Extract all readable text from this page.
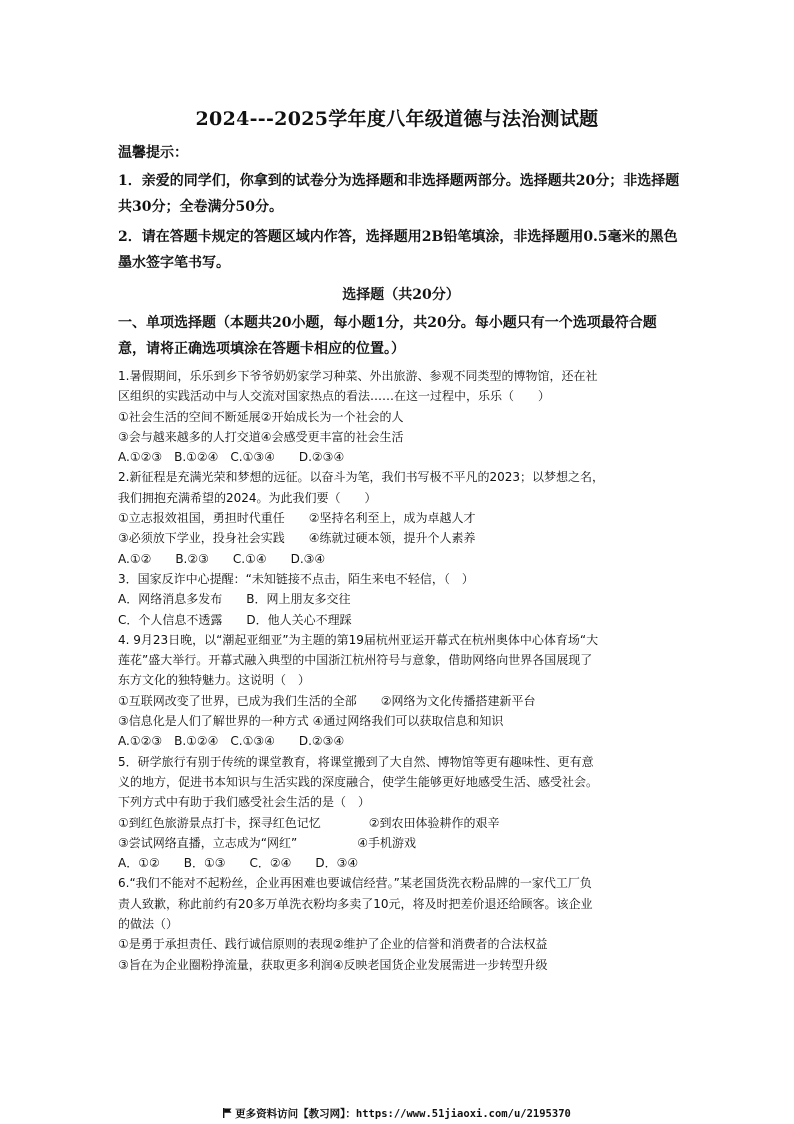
2024---2025学年度八年级道德与法治测试题

温馨提示：

1．亲爱的同学们，你拿到的试卷分为选择题和非选择题两部分。选择题共20分；非选择题共30分；全卷满分50分。

2．请在答题卡规定的答题区域内作答，选择题用2B铅笔填涂，非选择题用0.5毫米的黑色墨水签字笔书写。

选择题（共20分）

一、单项选择题（本题共20小题，每小题1分，共20分。每小题只有一个选项最符合题意，请将正确选项填涂在答题卡相应的位置。）

1.暑假期间，乐乐到乡下爷爷奶奶家学习种菜、外出旅游、参观不同类型的博物馆，还在社

区组织的实践活动中与人交流对国家热点的看法……在这一过程中，乐乐（　　）

①社会生活的空间不断延展②开始成长为一个社会的人

③会与越来越多的人打交道④会感受更丰富的社会生活

A.①②③　B.①②④　C.①③④　　D.②③④

2.新征程是充满光荣和梦想的远征。以奋斗为笔，我们书写极不平凡的2023；以梦想之名，

我们拥抱充满希望的2024。为此我们要（　　）

①立志报效祖国，勇担时代重任　　②坚持名利至上，成为卓越人才

③必须放下学业，投身社会实践　　④练就过硬本领，提升个人素养

A.①②　　B.②③　　C.①④　　D.③④

3．国家反诈中心提醒：“未知链接不点击，陌生来电不轻信，（　）

A．网络消息多发布　　B．网上朋友多交往

C．个人信息不透露　　D．他人关心不理踩

4. 9月23日晚，以“潮起亚细亚”为主题的第19届杭州亚运开幕式在杭州奥体中心体育场“大

莲花”盛大举行。开幕式融入典型的中国浙江杭州符号与意象，借助网络向世界各国展现了

东方文化的独特魅力。这说明（　）

①互联网改变了世界，已成为我们生活的全部　　②网络为文化传播搭建新平台

③信息化是人们了解世界的一种方式 ④通过网络我们可以获取信息和知识

A.①②③　B.①②④　C.①③④　　D.②③④

5．研学旅行有别于传统的课堂教育，将课堂搬到了大自然、博物馆等更有趣味性、更有意

义的地方，促进书本知识与生活实践的深度融合，使学生能够更好地感受生活、感受社会。

下列方式中有助于我们感受社会生活的是（　）

①到红色旅游景点打卡，探寻红色记忆　　　　②到农田体验耕作的艰辛

③尝试网络直播，立志成为“网红”　　　　　④手机游戏

A．①②　　B．①③　　C．②④　　D．③④

6.“我们不能对不起粉丝，企业再困难也要诚信经营。”某老国货洗衣粉品牌的一家代工厂负

责人致歉，称此前约有20多万单洗衣粉均多卖了10元，将及时把差价退还给顾客。该企业

的做法（）

①是勇于承担责任、践行诚信原则的表现②维护了企业的信誉和消费者的合法权益

③旨在为企业圈粉挣流量，获取更多利润④反映老国货企业发展需进一步转型升级

更多资料访问【教习网】：https://www.51jiaoxi.com/u/2195370
